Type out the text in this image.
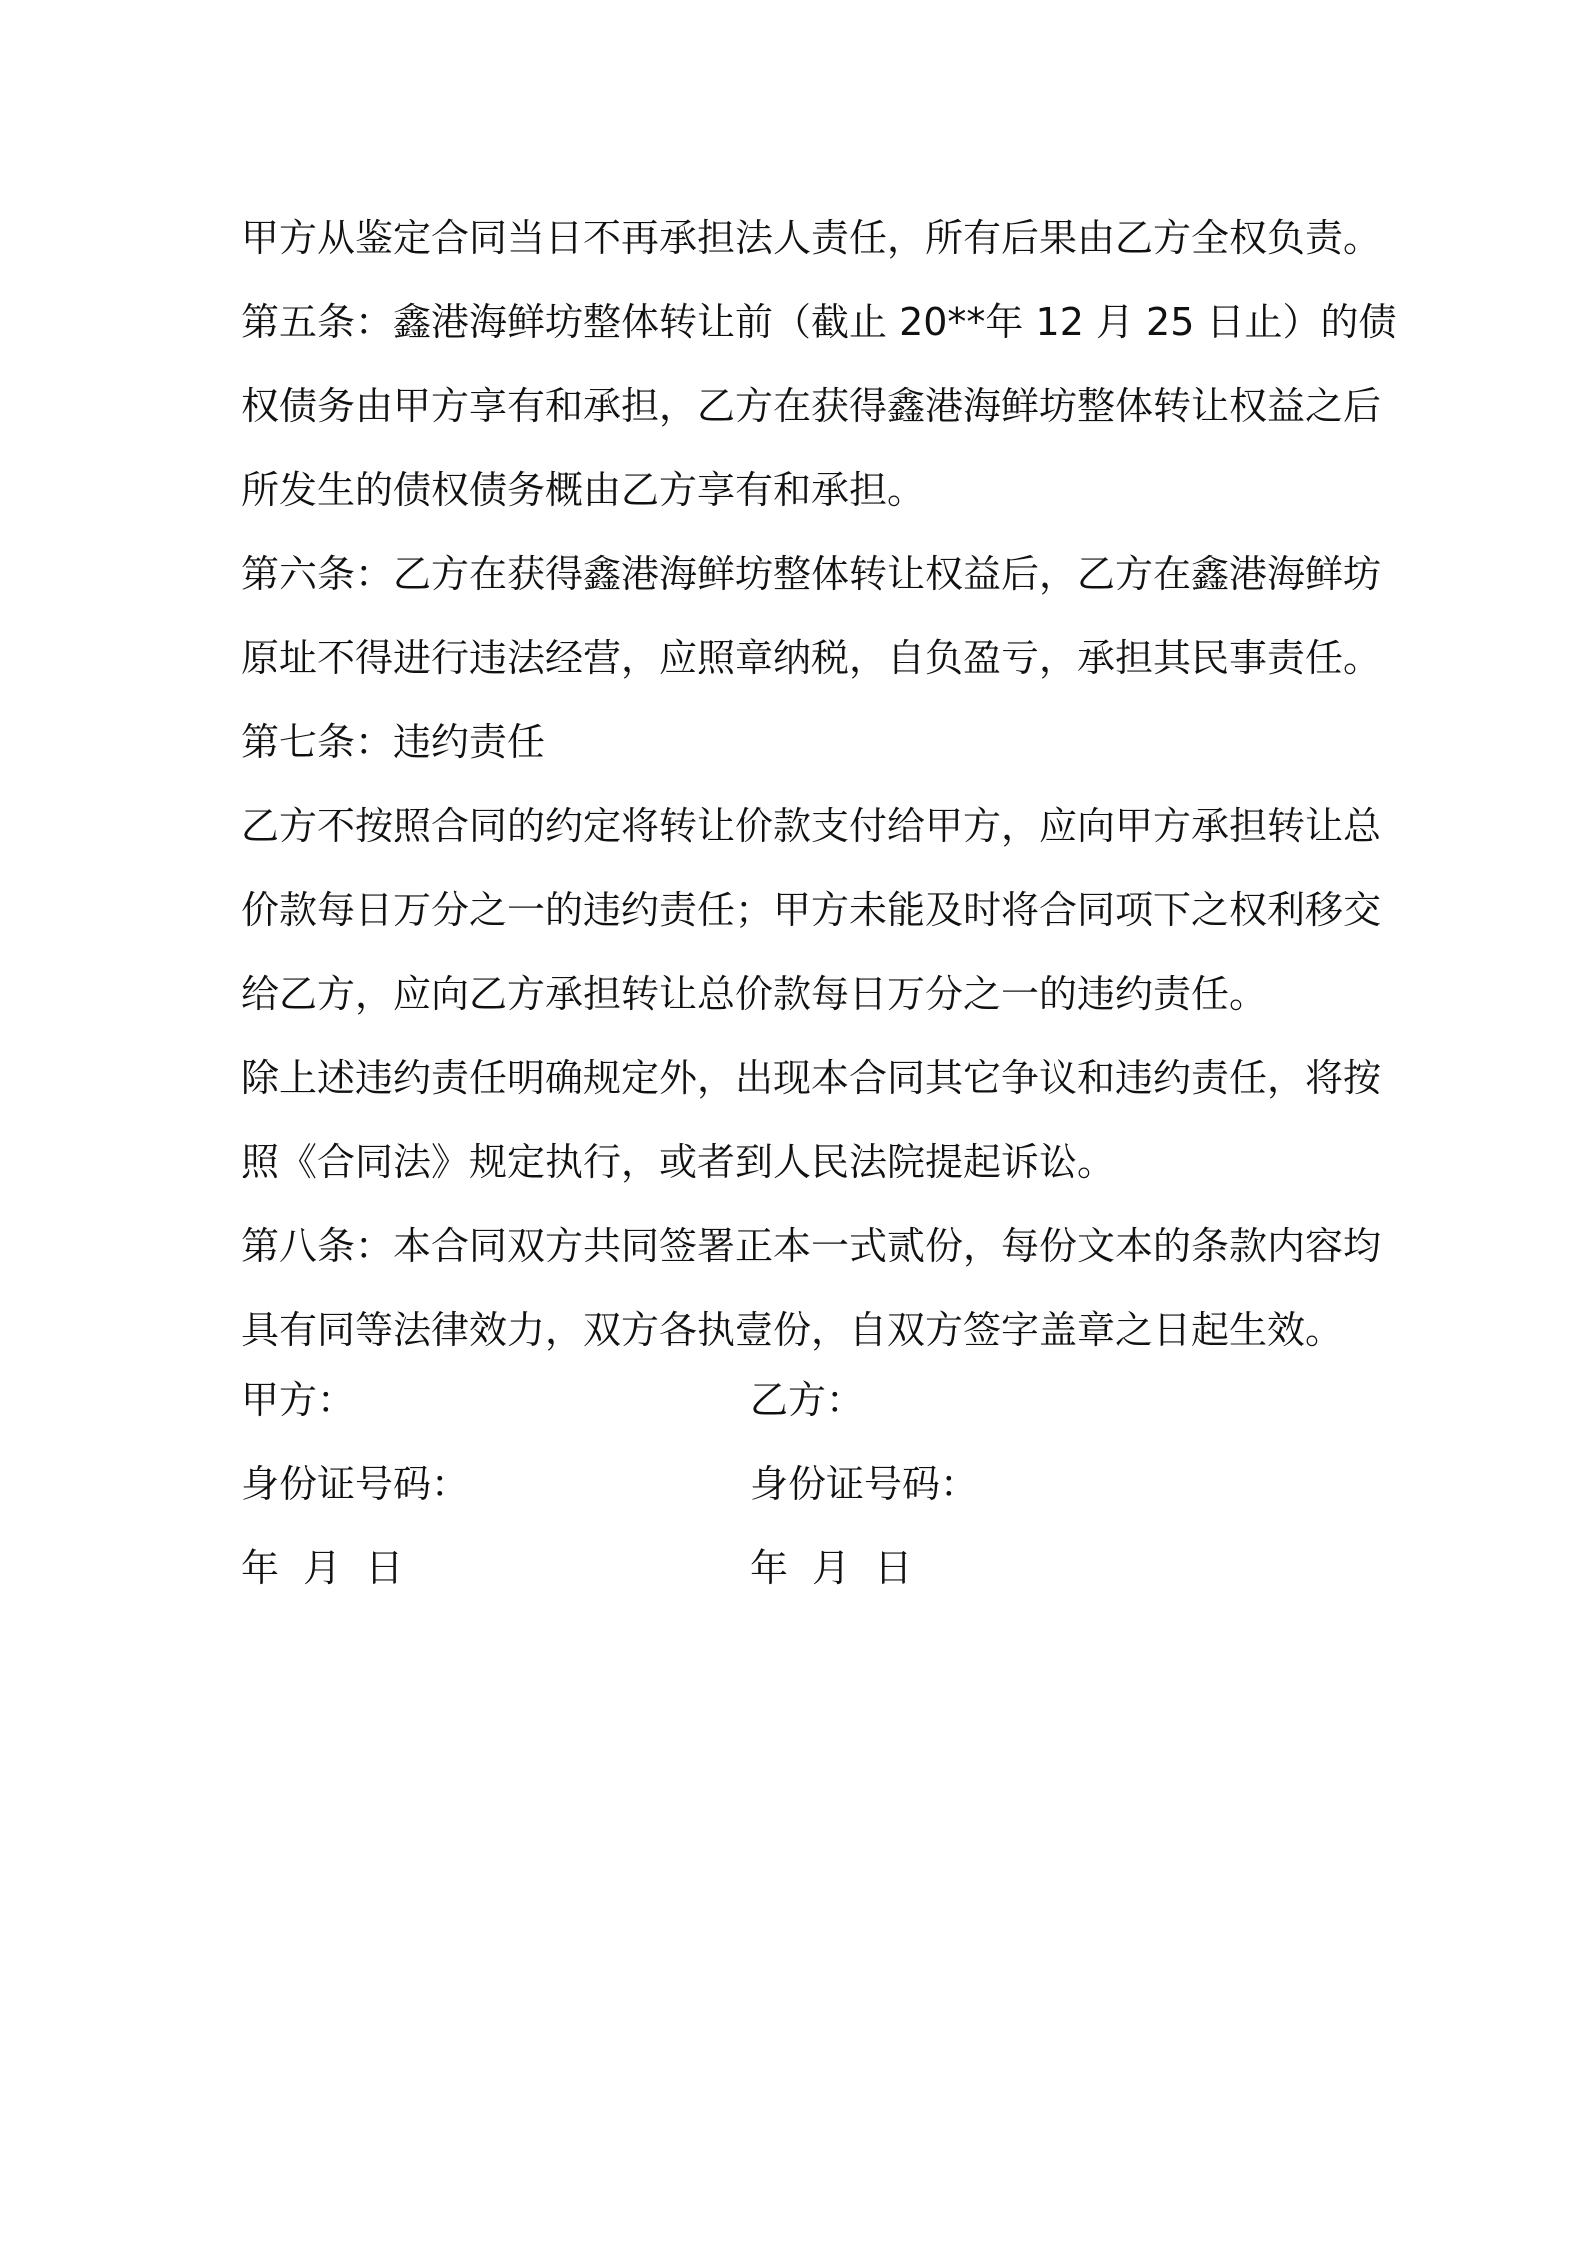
甲方从鉴定合同当日不再承担法人责任，所有后果由乙方全权负责。
第五条：鑫港海鲜坊整体转让前（截止 20**年 12 月 25 日止）的债
权债务由甲方享有和承担，乙方在获得鑫港海鲜坊整体转让权益之后
所发生的债权债务概由乙方享有和承担。
第六条：乙方在获得鑫港海鲜坊整体转让权益后，乙方在鑫港海鲜坊
原址不得进行违法经营，应照章纳税，自负盈亏，承担其民事责任。
第七条：违约责任
乙方不按照合同的约定将转让价款支付给甲方，应向甲方承担转让总
价款每日万分之一的违约责任；甲方未能及时将合同项下之权利移交
给乙方，应向乙方承担转让总价款每日万分之一的违约责任。
除上述违约责任明确规定外，出现本合同其它争议和违约责任，将按
照《合同法》规定执行，或者到人民法院提起诉讼。
第八条：本合同双方共同签署正本一式贰份，每份文本的条款内容均
具有同等法律效力，双方各执壹份，自双方签字盖章之日起生效。
甲方：
身份证号码：
年  月  日
乙方：
身份证号码：
年  月  日
